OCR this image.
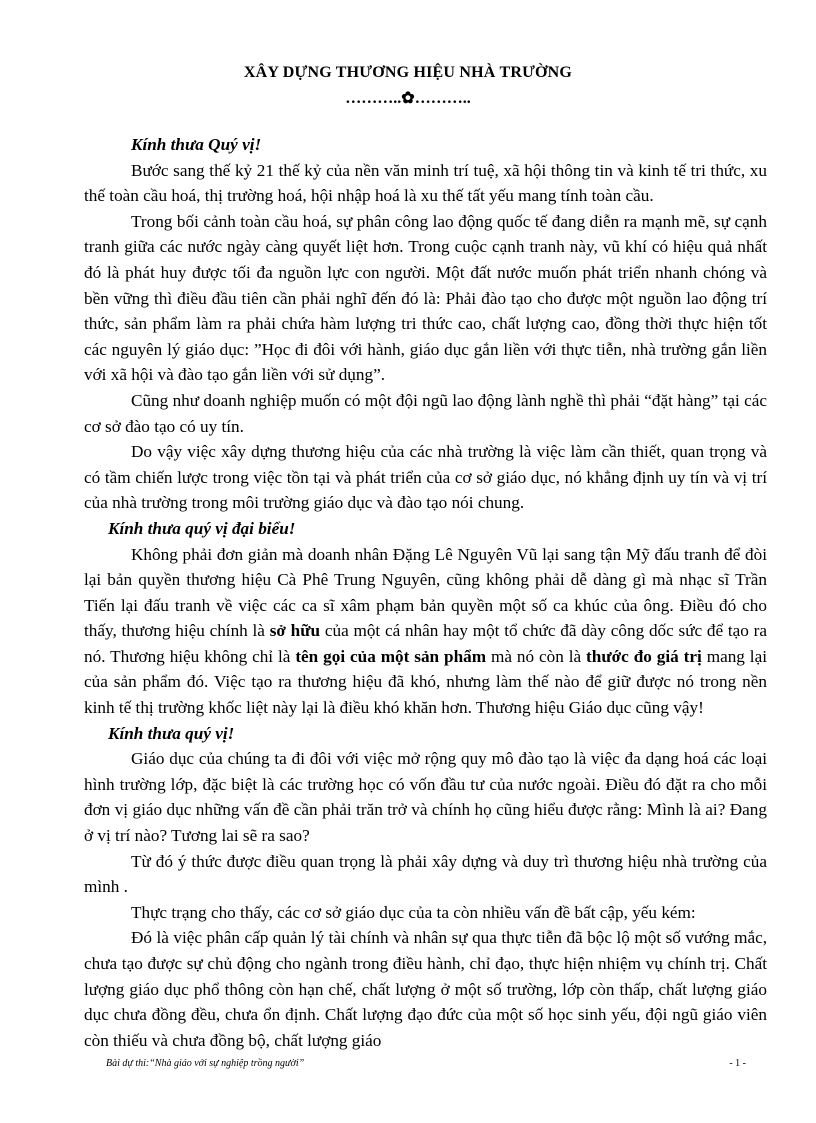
XÂY DỰNG THƯƠNG HIỆU NHÀ TRƯỜNG
………..✿………..

Kính thưa Quý vị!

Bước sang thế kỷ 21 thế kỷ của nền văn minh trí tuệ, xã hội thông tin và kinh tế tri thức, xu thế toàn cầu hoá, thị trường hoá, hội nhập hoá là xu thế tất yếu mang tính toàn cầu.

Trong bối cảnh toàn cầu hoá, sự phân công lao động quốc tế đang diễn ra mạnh mẽ, sự cạnh tranh giữa các nước ngày càng quyết liệt hơn. Trong cuộc cạnh tranh này, vũ khí có hiệu quả nhất đó là phát huy được tối đa nguồn lực con người. Một đất nước muốn phát triển nhanh chóng và bền vững thì điều đầu tiên cần phải nghĩ đến đó là: Phải đào tạo cho được một nguồn lao động trí thức, sản phẩm làm ra phải chứa hàm lượng tri thức cao, chất lượng cao, đồng thời thực hiện tốt các nguyên lý giáo dục: ”Học đi đôi với hành, giáo dục gắn liền với thực tiễn, nhà trường gắn liền với xã hội và đào tạo gắn liền với sử dụng”.

Cũng như doanh nghiệp muốn có một đội ngũ lao động lành nghề thì phải “đặt hàng” tại các cơ sở đào tạo có uy tín.

Do vậy việc xây dựng thương hiệu của các nhà trường là việc làm cần thiết, quan trọng và có tầm chiến lược trong việc tồn tại và phát triển của cơ sở giáo dục, nó khẳng định uy tín và vị trí của nhà trường trong môi trường giáo dục và đào tạo nói chung.

Kính thưa quý vị đại biểu!

Không phải đơn giản mà doanh nhân Đặng Lê Nguyên Vũ lại sang tận Mỹ đấu tranh để đòi lại bản quyền thương hiệu Cà Phê Trung Nguyên, cũng không phải dễ dàng gì mà nhạc sĩ Trần Tiến lại đấu tranh về việc các ca sĩ xâm phạm bản quyền một số ca khúc của ông. Điều đó cho thấy, thương hiệu chính là sở hữu của một cá nhân hay một tổ chức đã dày công dốc sức để tạo ra nó. Thương hiệu không chỉ là tên gọi của một sản phẩm mà nó còn là thước đo giá trị mang lại của sản phẩm đó. Việc tạo ra thương hiệu đã khó, nhưng làm thế nào để giữ được nó trong nền kinh tế thị trường khốc liệt này lại là điều khó khăn hơn. Thương hiệu Giáo dục cũng vậy!

Kính thưa quý vị!

Giáo dục của chúng ta đi đôi với việc mở rộng quy mô đào tạo là việc đa dạng hoá các loại hình trường lớp, đặc biệt là các trường học có vốn đầu tư của nước ngoài. Điều đó đặt ra cho mỗi đơn vị giáo dục những vấn đề cần phải trăn trở và chính họ cũng hiểu được rằng: Mình là ai? Đang ở vị trí nào? Tương lai sẽ ra sao?

Từ đó ý thức được điều quan trọng là phải xây dựng và duy trì thương hiệu nhà trường của mình .

Thực trạng cho thấy, các cơ sở giáo dục của ta còn nhiều vấn đề bất cập, yếu kém:

Đó là việc phân cấp quản lý tài chính và nhân sự qua thực tiễn đã bộc lộ một số vướng mắc, chưa tạo được sự chủ động cho ngành trong điều hành, chỉ đạo, thực hiện nhiệm vụ chính trị. Chất lượng giáo dục phổ thông còn hạn chế, chất lượng ở một số trường, lớp còn thấp, chất lượng giáo dục chưa đồng đều, chưa ổn định. Chất lượng đạo đức của một số học sinh yếu, đội ngũ giáo viên còn thiếu và chưa đồng bộ, chất lượng giáo

Bài dự thi:“Nhà giáo với sự nghiệp trồng người”	- 1 -
